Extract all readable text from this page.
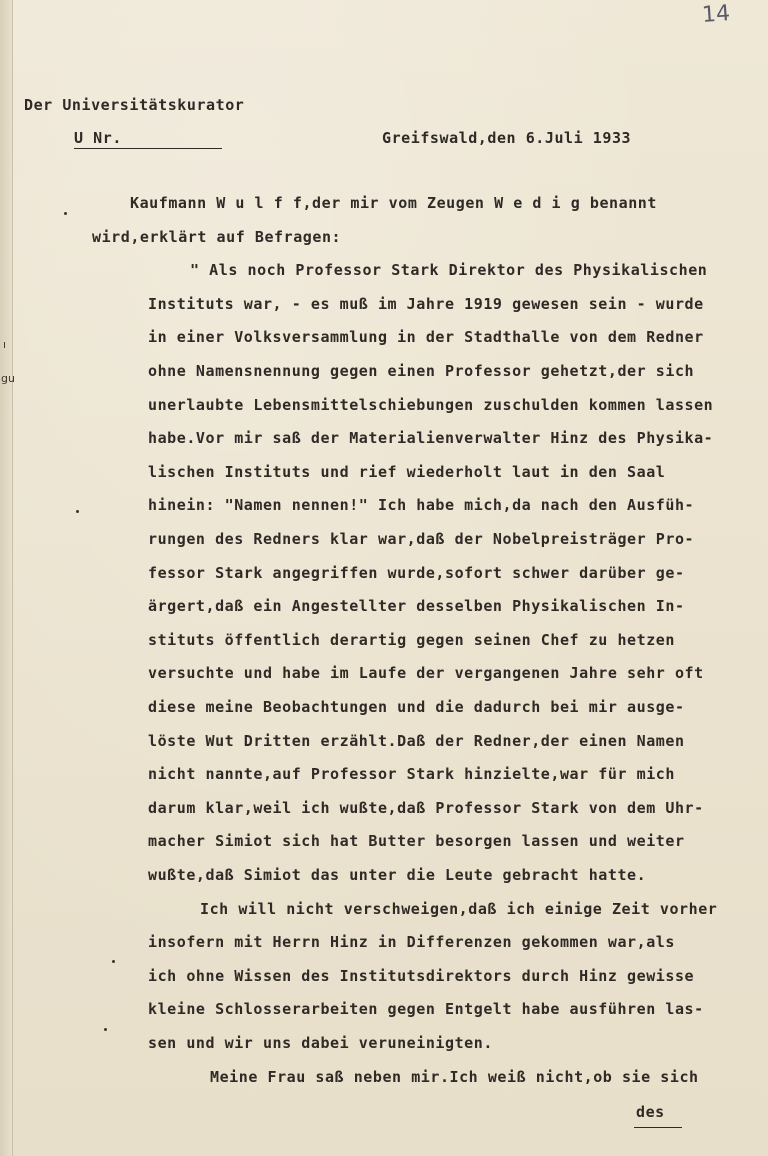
14
Der Universitätskurator
U Nr.	Greifswald,den 6.Juli 1933
gu
ı
Kaufmann W u l f f,der mir vom Zeugen W e d i g benannt
wird,erklärt auf Befragen:
" Als noch Professor Stark Direktor des Physikalischen
Instituts war, - es muß im Jahre 1919 gewesen sein - wurde
in einer Volksversammlung in der Stadthalle von dem Redner
ohne Namensnennung gegen einen Professor gehetzt,der sich
unerlaubte Lebensmittelschiebungen zuschulden kommen lassen
habe.Vor mir saß der Materialienverwalter Hinz des Physika-
lischen Instituts und rief wiederholt laut in den Saal
hinein: "Namen nennen!" Ich habe mich,da nach den Ausfüh-
rungen des Redners klar war,daß der Nobelpreisträger Pro-
fessor Stark angegriffen wurde,sofort schwer darüber ge-
ärgert,daß ein Angestellter desselben Physikalischen In-
stituts öffentlich derartig gegen seinen Chef zu hetzen
versuchte und habe im Laufe der vergangenen Jahre sehr oft
diese meine Beobachtungen und die dadurch bei mir ausge-
löste Wut Dritten erzählt.Daß der Redner,der einen Namen
nicht nannte,auf Professor Stark hinzielte,war für mich
darum klar,weil ich wußte,daß Professor Stark von dem Uhr-
macher Simiot sich hat Butter besorgen lassen und weiter
wußte,daß Simiot das unter die Leute gebracht hatte.
Ich will nicht verschweigen,daß ich einige Zeit vorher
insofern mit Herrn Hinz in Differenzen gekommen war,als
ich ohne Wissen des Institutsdirektors durch Hinz gewisse
kleine Schlosserarbeiten gegen Entgelt habe ausführen las-
sen und wir uns dabei veruneinigten.
Meine Frau saß neben mir.Ich weiß nicht,ob sie sich
des
